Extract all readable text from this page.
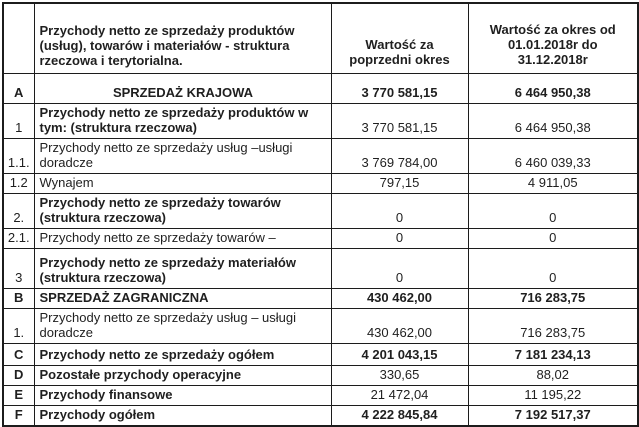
	Przychody netto ze sprzedaży produktów (usług), towarów i materiałów - struktura rzeczowa i terytorialna.	Wartość za poprzedni okres	Wartość za okres od 01.01.2018r do 31.12.2018r
A	SPRZEDAŻ KRAJOWA	3 770 581,15	6 464 950,38
1	Przychody netto ze sprzedaży produktów w tym: (struktura rzeczowa)	3 770 581,15	6 464 950,38
1.1.	Przychody netto ze sprzedaży usług –usługi doradcze	3 769 784,00	6 460 039,33
1.2	Wynajem	797,15	4 911,05
2.	Przychody netto ze sprzedaży towarów (struktura rzeczowa)	0	0
2.1.	Przychody netto ze sprzedaży towarów –	0	0
3	Przychody netto ze sprzedaży materiałów (struktura rzeczowa)	0	0
B	SPRZEDAŻ ZAGRANICZNA	430 462,00	716 283,75
1.	Przychody netto ze sprzedaży usług – usługi doradcze	430 462,00	716 283,75
C	Przychody netto ze sprzedaży ogółem	4 201 043,15	7 181 234,13
D	Pozostałe przychody operacyjne	330,65	88,02
E	Przychody finansowe	21 472,04	11 195,22
F	Przychody ogółem	4 222 845,84	7 192 517,37
